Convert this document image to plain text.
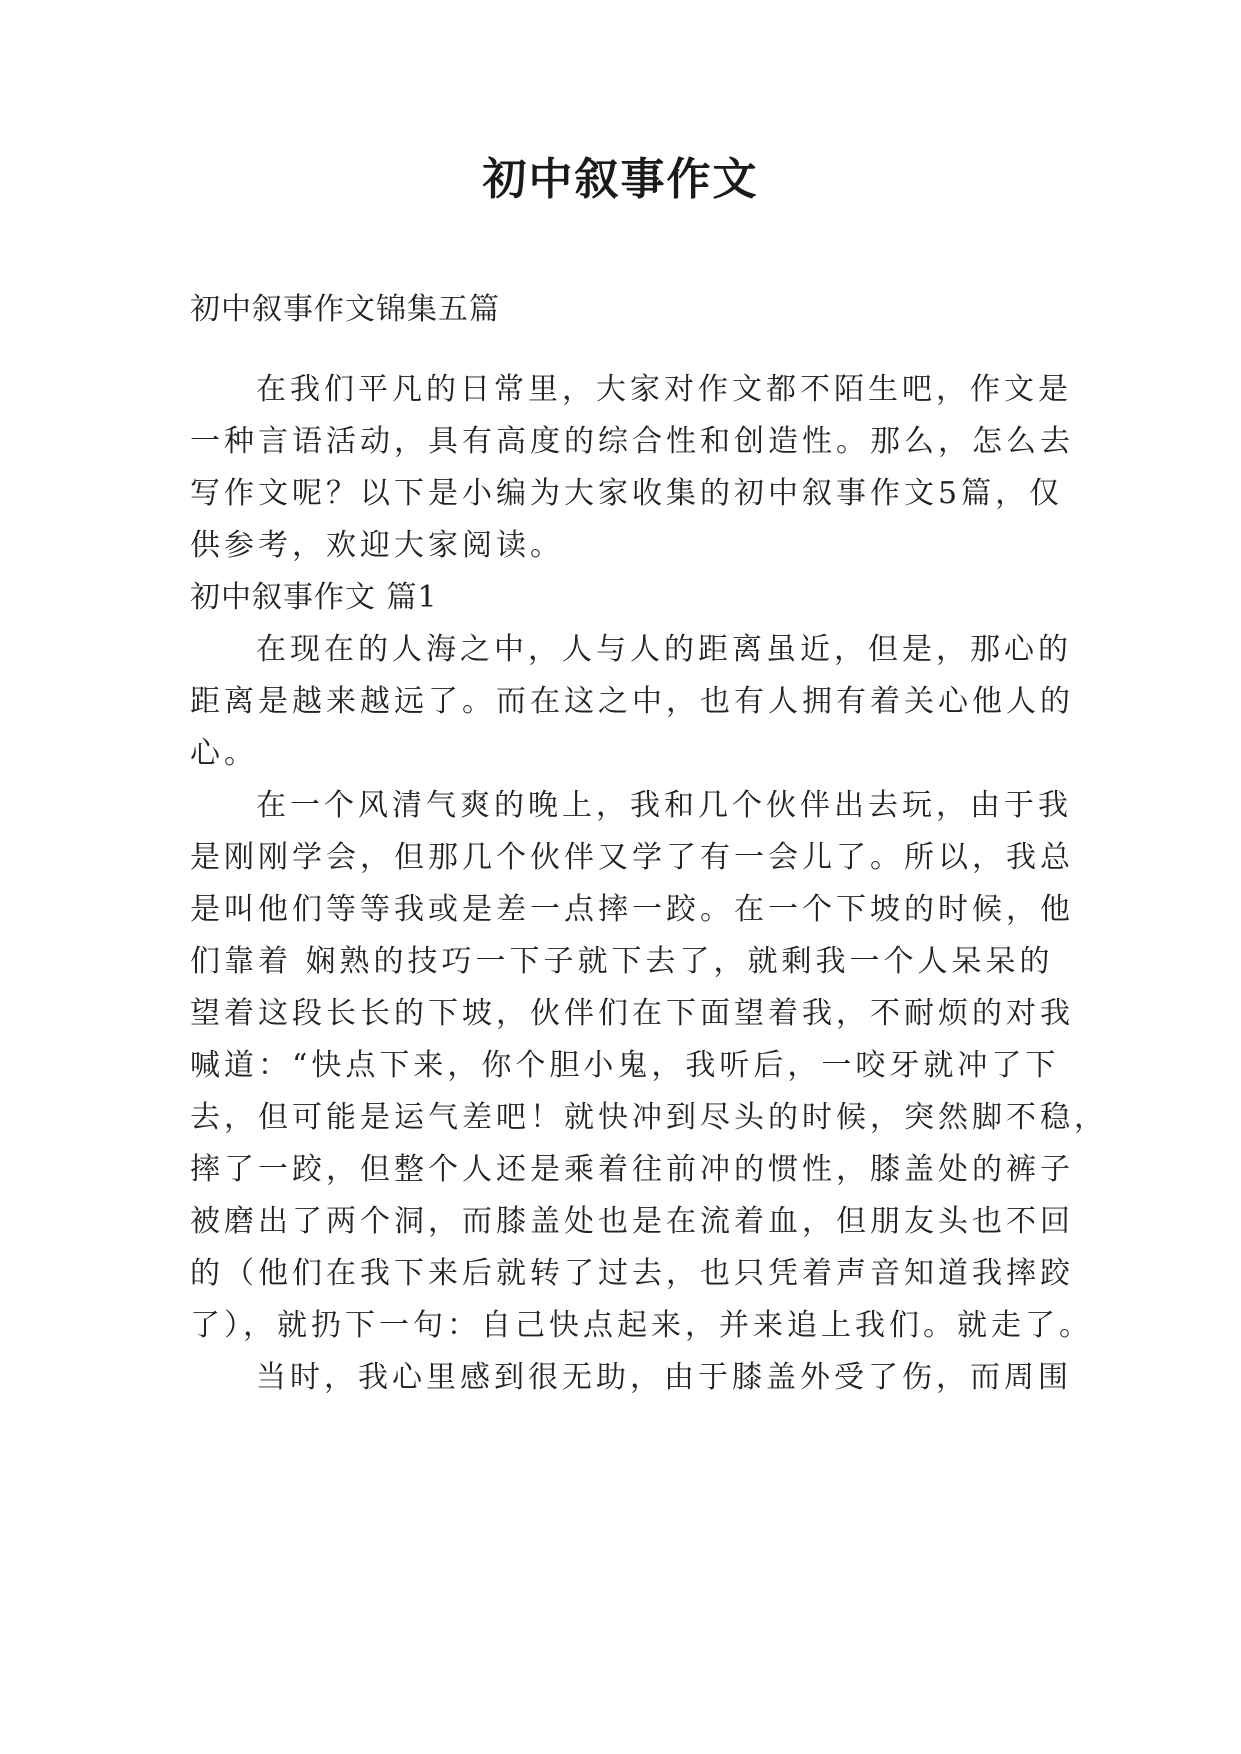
初中叙事作文
初中叙事作文锦集五篇
在我们平凡的日常里，大家对作文都不陌生吧，作文是
一种言语活动，具有高度的综合性和创造性。那么，怎么去
写作文呢？以下是小编为大家收集的初中叙事作文5篇，仅
供参考，欢迎大家阅读。
初中叙事作文 篇1
在现在的人海之中，人与人的距离虽近，但是，那心的
距离是越来越远了。而在这之中，也有人拥有着关心他人的
心。
在一个风清气爽的晚上，我和几个伙伴出去玩，由于我
是刚刚学会，但那几个伙伴又学了有一会儿了。所以，我总
是叫他们等等我或是差一点摔一跤。在一个下坡的时候，他
们靠着 娴熟的技巧一下子就下去了，就剩我一个人呆呆的
望着这段长长的下坡，伙伴们在下面望着我，不耐烦的对我
喊道：“快点下来，你个胆小鬼，我听后，一咬牙就冲了下
去，但可能是运气差吧！就快冲到尽头的时候，突然脚不稳，
摔了一跤，但整个人还是乘着往前冲的惯性，膝盖处的裤子
被磨出了两个洞，而膝盖处也是在流着血，但朋友头也不回
的（他们在我下来后就转了过去，也只凭着声音知道我摔跤
了），就扔下一句：自己快点起来，并来追上我们。就走了。
当时，我心里感到很无助，由于膝盖外受了伤，而周围
